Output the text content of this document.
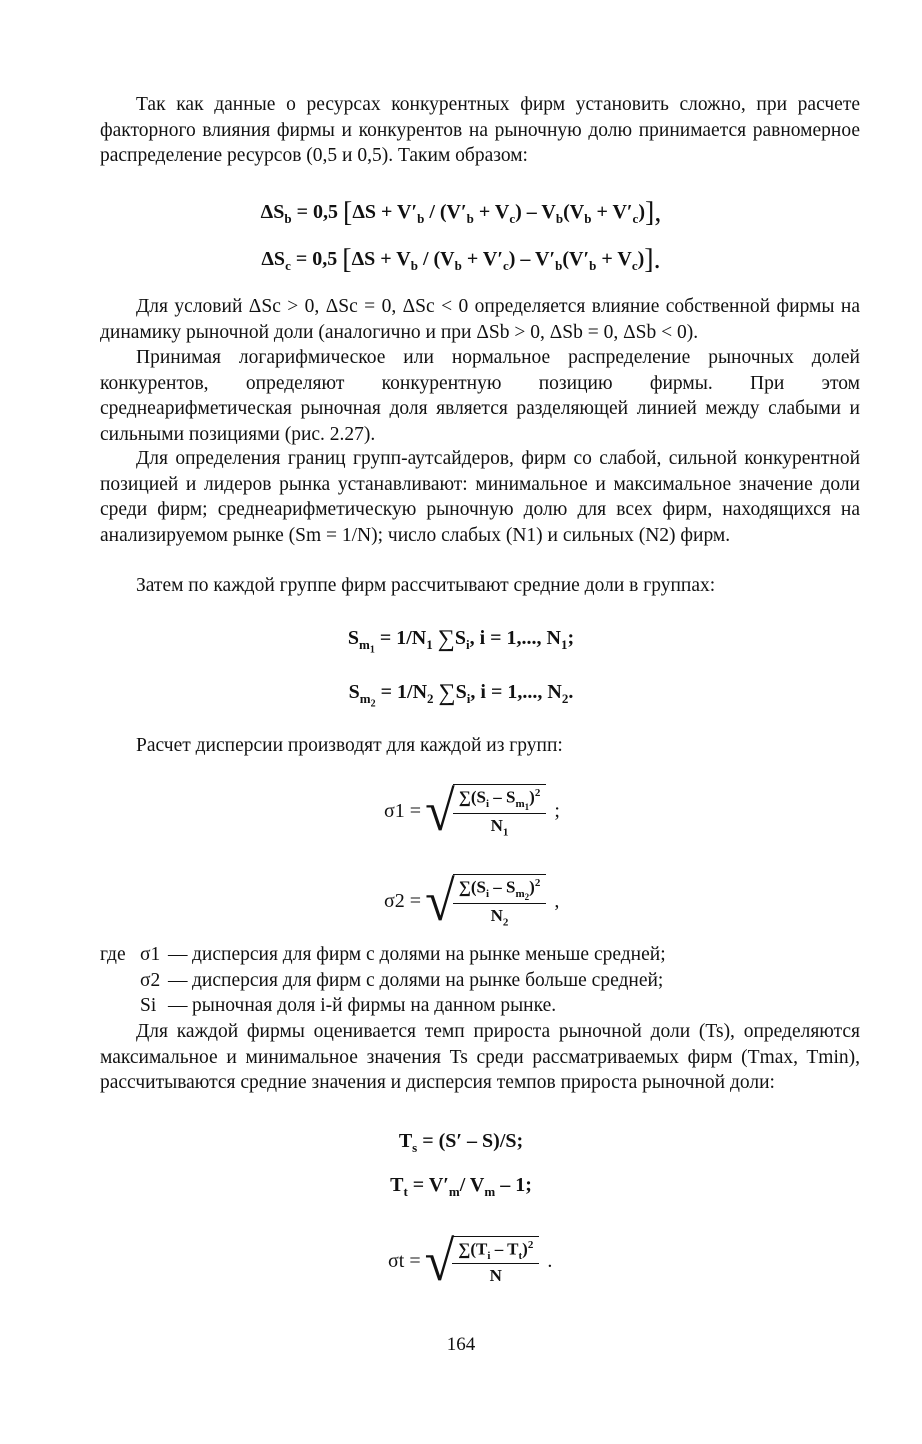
Так как данные о ресурсах конкурентных фирм установить сложно, при расчете факторного влияния фирмы и конкурентов на рыночную долю принимается равномерное распределение ресурсов (0,5 и 0,5). Таким образом:

$\Delta S_b = 0,5$ $[\Delta S + V'_b / (V'_b + V_c) - V_b(V_b + V'_c)]$,
$\Delta S_c = 0,5$ $[\Delta S + V_b / (V_b + V'_c) - V'_b(V'_b + V_c)]$.

Для условий ΔSc > 0, ΔSc = 0, ΔSc < 0 определяется влияние собственной фирмы на динамику рыночной доли (аналогично и при ΔSb > 0, ΔSb = 0, ΔSb < 0).

Принимая логарифмическое или нормальное распределение рыночных долей конкурентов, определяют конкурентную позицию фирмы. При этом среднеарифметическая рыночная доля является разделяющей линией между слабыми и сильными позициями (рис. 2.27).

Для определения границ групп-аутсайдеров, фирм со слабой, сильной конкурентной позицией и лидеров рынка устанавливают: минимальное и максимальное значение доли среди фирм; среднеарифметическую рыночную долю для всех фирм, находящихся на анализируемом рынке (Sm = 1/N); число слабых (N1) и сильных (N2) фирм.

Затем по каждой группе фирм рассчитывают средние доли в группах:

$S_{m_1} = 1/N_1$ $\sum S_i$, i = 1,..., $N_1$;
$S_{m_2} = 1/N_2$ $\sum S_i$, i = 1,..., $N_2$.

Расчет дисперсии производят для каждой из групп:

σ1 = √
$\frac{\sum(S_i - S_{m_1})^2}{N_1}$ ;
σ2 = √
$\frac{\sum(S_i - S_{m_2})^2}{N_2}$ ,
где σ1 — дисперсия для фирм с долями на рынке меньше средней;
σ2 — дисперсия для фирм с долями на рынке больше средней;
Si — рыночная доля i-й фирмы на данном рынке.

Для каждой фирмы оценивается темп прироста рыночной доли (Ts), определяются максимальное и минимальное значения Ts среди рассматриваемых фирм (Tmax, Tmin), рассчитываются средние значения и дисперсия темпов прироста рыночной доли:

$T_s = (S' - S)/S$;
$T_t = V'_m/$ $V_m - 1$;
σt = √
$\frac{\sum(T_i - T_t)^2}{N}$ .
164
